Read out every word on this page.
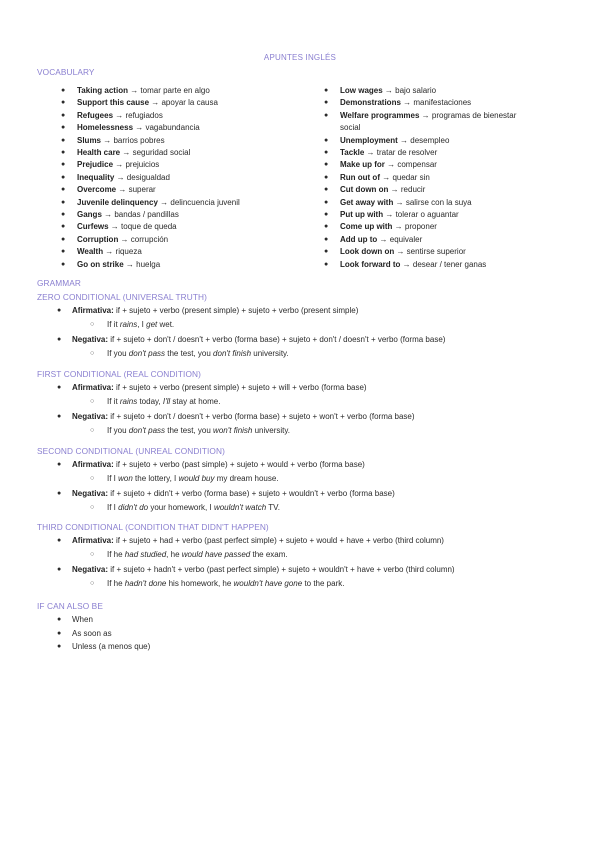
APUNTES INGLÉS
VOCABULARY
● Taking action → tomar parte en algo
● Support this cause → apoyar la causa
● Refugees → refugiados
● Homelessness → vagabundancia
● Slums → barrios pobres
● Health care → seguridad social
● Prejudice → prejuicios
● Inequality → desigualdad
● Overcome → superar
● Juvenile delinquency → delincuencia juvenil
● Gangs → bandas / pandillas
● Curfews → toque de queda
● Corruption → corrupción
● Wealth → riqueza
● Go on strike → huelga
● Low wages → bajo salario
● Demonstrations → manifestaciones
● Welfare programmes → programas de bienestar
social
● Unemployment → desempleo
● Tackle → tratar de resolver
● Make up for → compensar
● Run out of → quedar sin
● Cut down on → reducir
● Get away with → salirse con la suya
● Put up with → tolerar o aguantar
● Come up with → proponer
● Add up to → equivaler
● Look down on → sentirse superior
● Look forward to → desear / tener ganas
GRAMMAR
ZERO CONDITIONAL (UNIVERSAL TRUTH)
● Afirmativa: if + sujeto + verbo (present simple) + sujeto + verbo (present simple)
○ If it rains, I get wet.
● Negativa: if + sujeto + don't / doesn't + verbo (forma base) + sujeto + don't / doesn't + verbo (forma base)
○ If you don't pass the test, you don't finish university.
FIRST CONDITIONAL (REAL CONDITION)
● Afirmativa: if + sujeto + verbo (present simple) + sujeto + will + verbo (forma base)
○ If it rains today, I'll stay at home.
● Negativa: if + sujeto + don't / doesn't + verbo (forma base) + sujeto + won't + verbo (forma base)
○ If you don't pass the test, you won't finish university.
SECOND CONDITIONAL (UNREAL CONDITION)
● Afirmativa: if + sujeto + verbo (past simple) + sujeto + would + verbo (forma base)
○ If I won the lottery, I would buy my dream house.
● Negativa: if + sujeto + didn't + verbo (forma base) + sujeto + wouldn't + verbo (forma base)
○ If I didn't do your homework, I wouldn't watch TV.
THIRD CONDITIONAL (CONDITION THAT DIDN'T HAPPEN)
● Afirmativa: if + sujeto + had + verbo (past perfect simple) + sujeto + would + have + verbo (third column)
○ If he had studied, he would have passed the exam.
● Negativa: if + sujeto + hadn't + verbo (past perfect simple) + sujeto + wouldn't + have + verbo (third column)
○ If he hadn't done his homework, he wouldn't have gone to the park.
IF CAN ALSO BE
● When
● As soon as
● Unless (a menos que)
